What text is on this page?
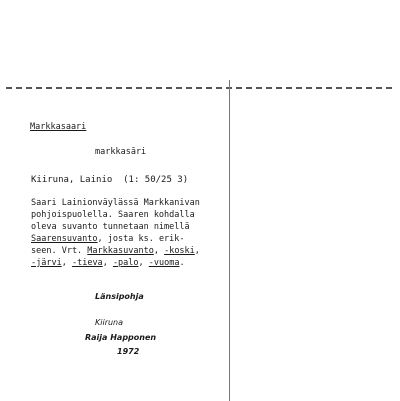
Markkasaari
markkasāri
Kiiruna, Lainio  (1: 50/25 3)
Saari Lainionväylässä Markkanivan
pohjoispuolella. Saaren kohdalla
oleva suvanto tunnetaan nimellä
Saarensuvanto, josta ks. erik-
seen. Vrt. Markkasuvanto, -koski,
-järvi, -tieva, -palo, -vuoma.
Länsipohja
Kiiruna
Raija Happonen
1972
